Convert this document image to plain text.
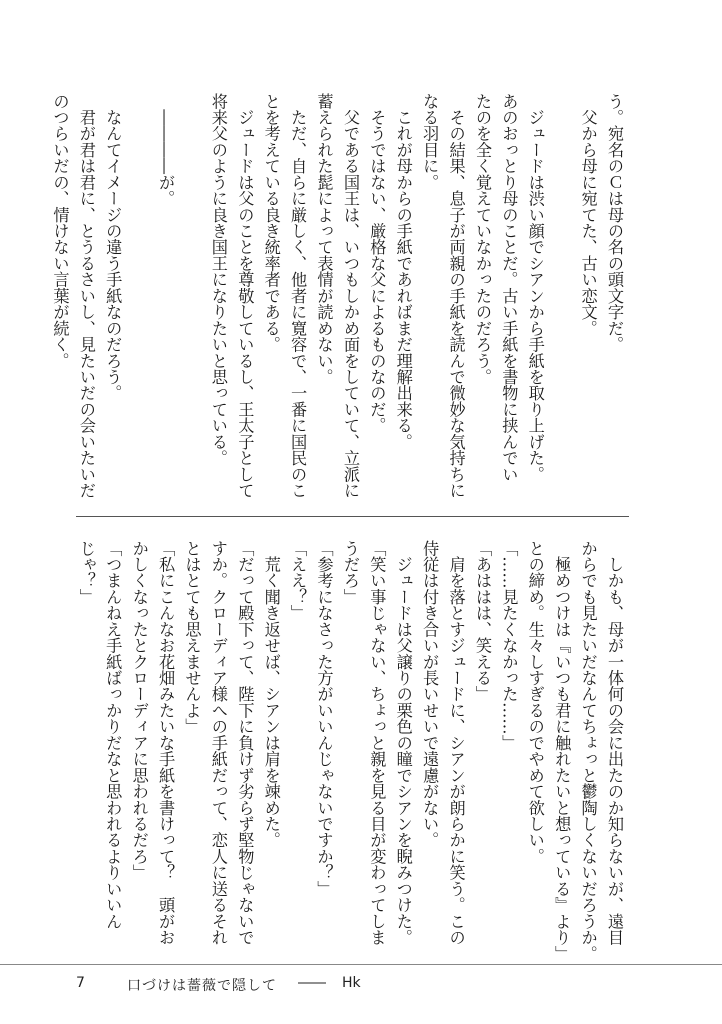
う。宛名のＣは母の名の頭文字だ。
　父から母に宛てた、古い恋文。

　ジュードは渋い顔でシアンから手紙を取り上げた。
あのおっとり母のことだ。古い手紙を書物に挟んでい
たのを全く覚えていなかったのだろう。
　その結果、息子が両親の手紙を読んで微妙な気持ちに
なる羽目に。
　これが母からの手紙であればまだ理解出来る。
　そうではない、厳格な父によるものなのだ。
　父である国王は、いつもしかめ面をしていて、立派に
蓄えられた髭によって表情が読めない。
　ただ、自らに厳しく、他者に寛容で、一番に国民のこ
とを考えている良き統率者である。
　ジュードは父のことを尊敬しているし、王太子として
将来父のように良き国王になりたいと思っている。

　――――が。

　なんてイメージの違う手紙なのだろう。
　君が君は君に、とうるさいし、見たいだの会いたいだ
のつらいだの、情けない言葉が続く。
　しかも、母が一体何の会に出たのか知らないが、遠目
からでも見たいだなんてちょっと鬱陶しくないだろうか。
　極めつけは『いつも君に触れたいと想っている』より」
との締め。生々しすぎるのでやめて欲しい。
「……見たくなかった……」
「あははは、笑える」
　肩を落とすジュードに、シアンが朗らかに笑う。この
侍従は付き合いが長いせいで遠慮がない。
　ジュードは父譲りの栗色の瞳でシアンを睨みつけた。
「笑い事じゃない、ちょっと親を見る目が変わってしま
うだろ」
「参考になさった方がいいんじゃないですか？」
「ええ？」
　荒く聞き返せば、シアンは肩を竦めた。
「だって殿下って、陛下に負けず劣らず堅物じゃないで
すか。クローディア様への手紙だって、恋人に送るそれ
とはとても思えませんよ」
「私にこんなお花畑みたいな手紙を書けって？　頭がお
かしくなったとクローディアに思われるだろ」
「つまんねえ手紙ばっかりだなと思われるよりいいん
じゃ？」
7	口づけは薔薇で隠して ―― Hk
